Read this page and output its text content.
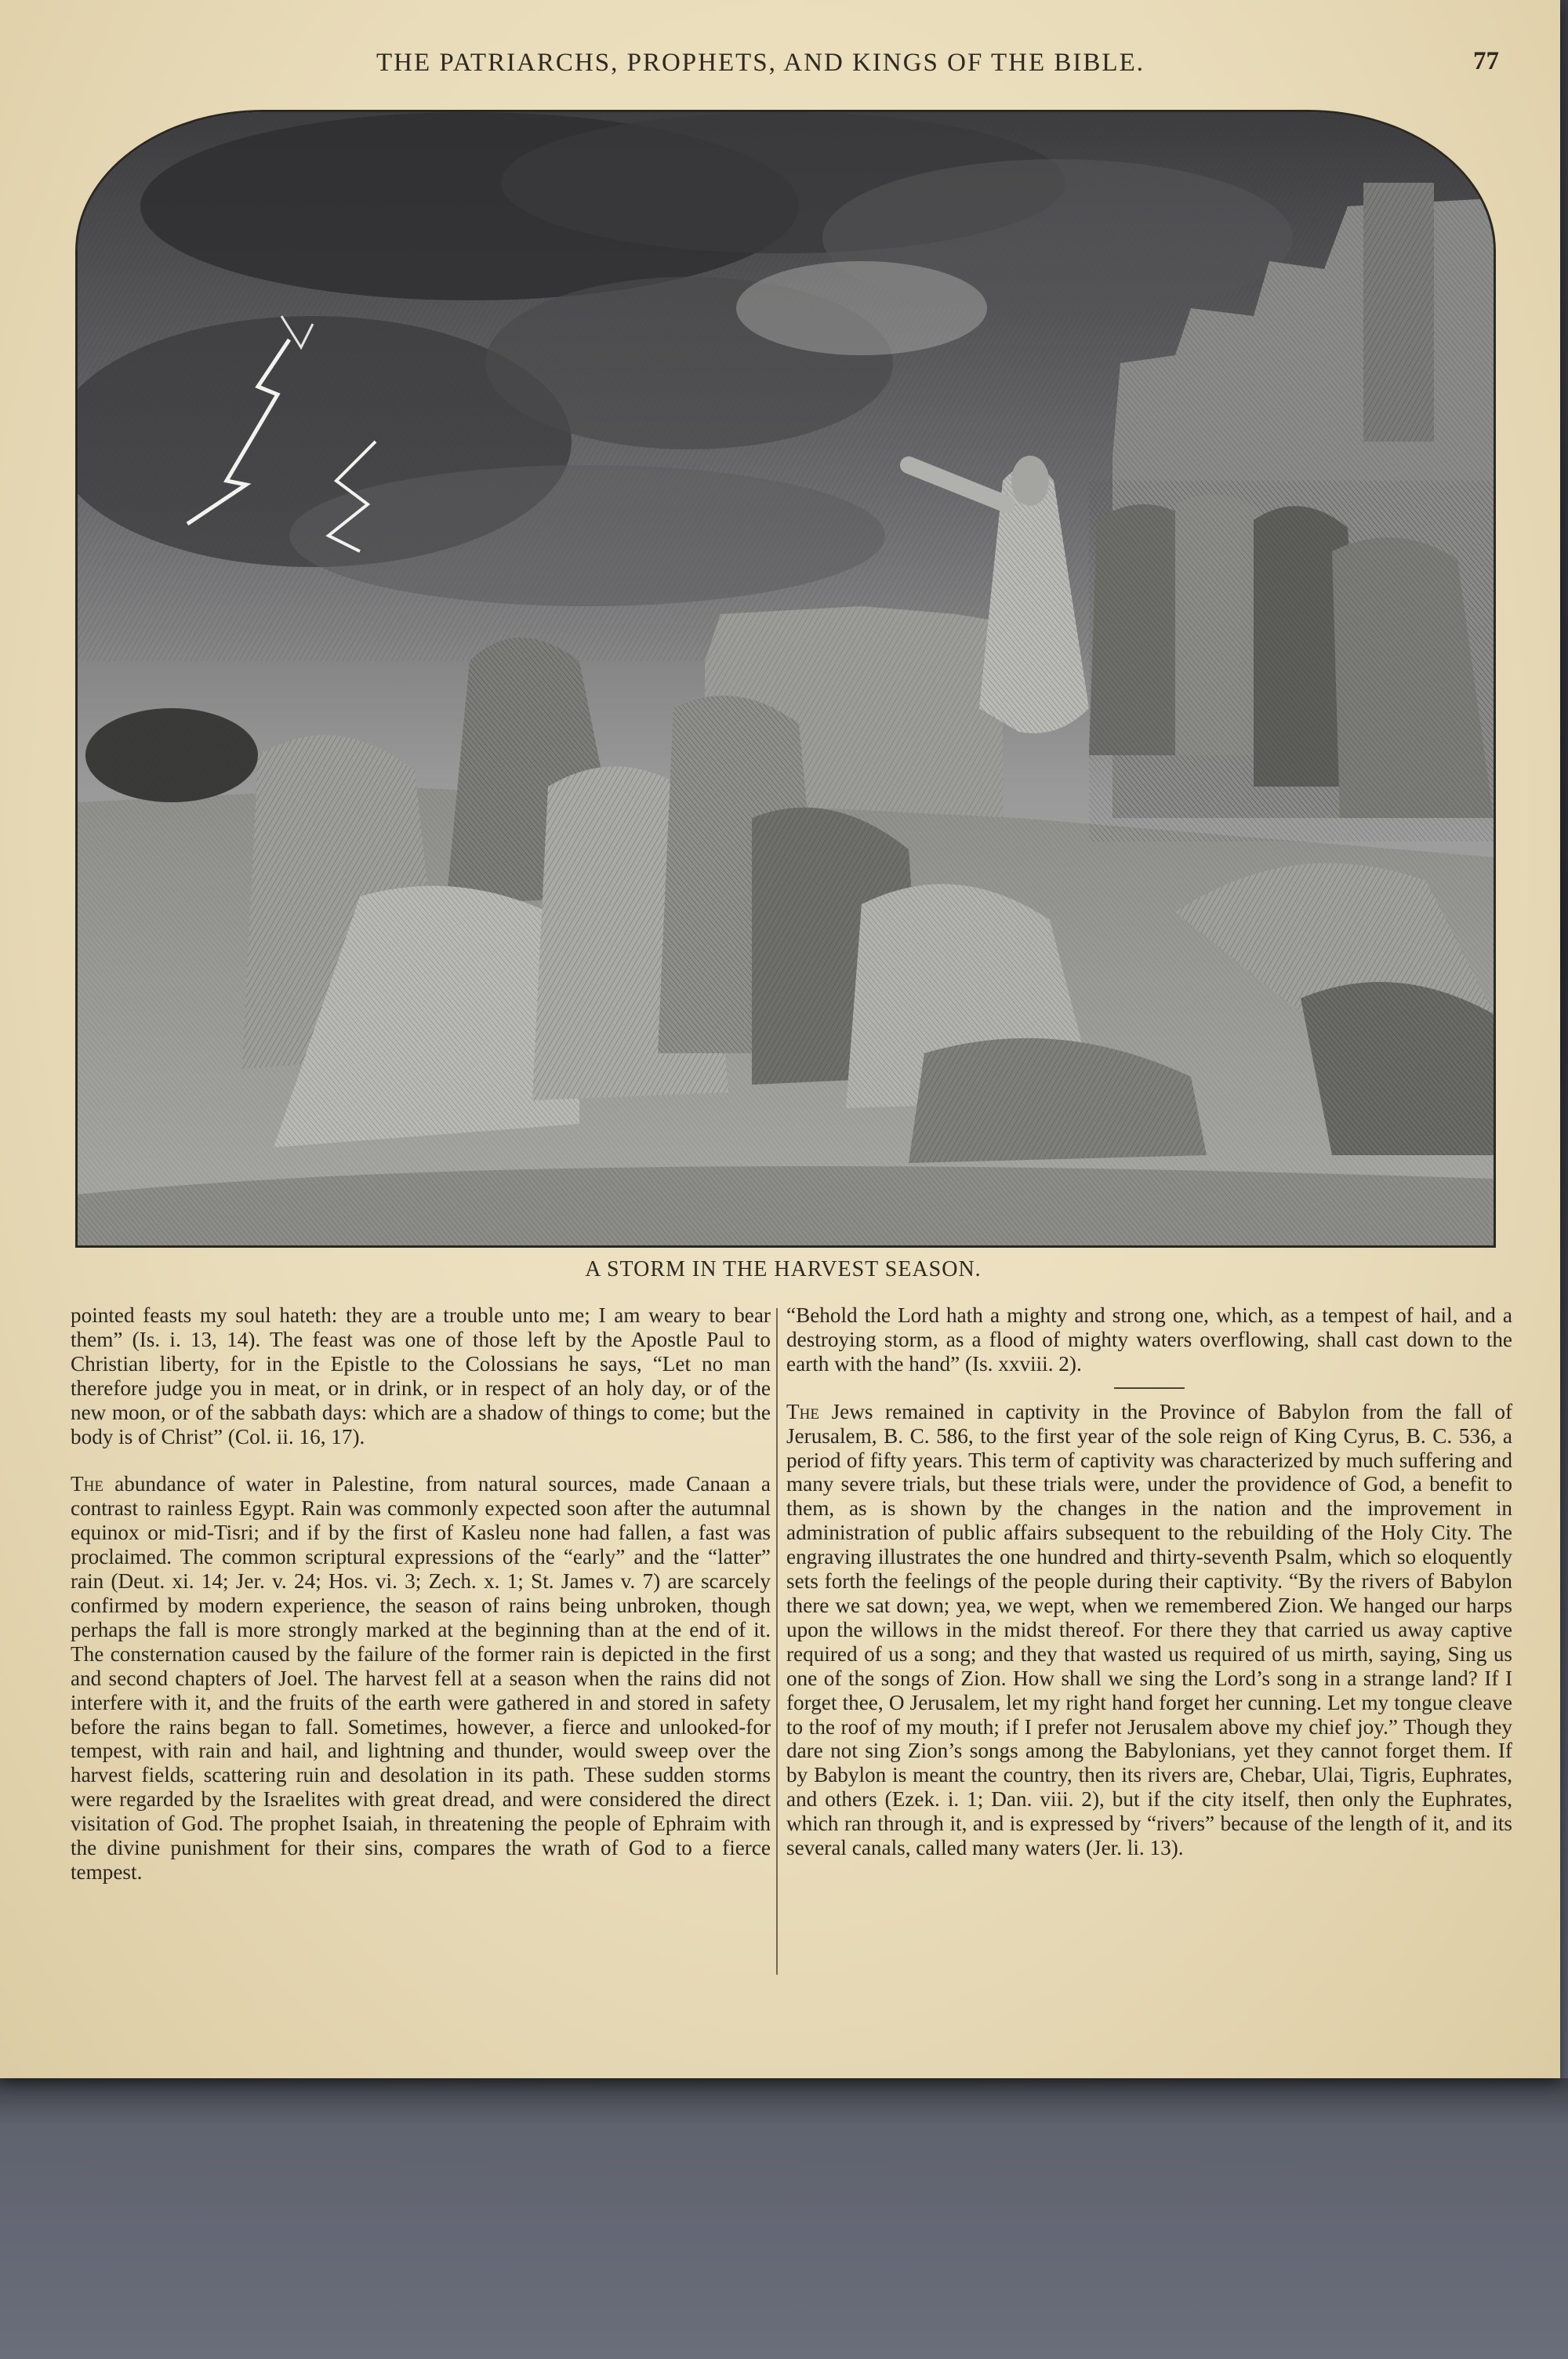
THE PATRIARCHS, PROPHETS, AND KINGS OF THE BIBLE.	77
A STORM IN THE HARVEST SEASON.

pointed feasts my soul hateth: they are a trouble unto me; I am weary to bear them” (Is. i. 13, 14). The feast was one of those left by the Apostle Paul to Christian liberty, for in the Epistle to the Colossians he says, “Let no man therefore judge you in meat, or in drink, or in respect of an holy day, or of the new moon, or of the sabbath days: which are a shadow of things to come; but the body is of Christ” (Col. ii. 16, 17).

The abundance of water in Palestine, from natural sources, made Canaan a contrast to rainless Egypt. Rain was commonly expected soon after the autumnal equinox or mid-Tisri; and if by the first of Kasleu none had fallen, a fast was proclaimed. The common scriptural expressions of the “early” and the “latter” rain (Deut. xi. 14; Jer. v. 24; Hos. vi. 3; Zech. x. 1; St. James v. 7) are scarcely confirmed by modern experience, the season of rains being unbroken, though perhaps the fall is more strongly marked at the beginning than at the end of it. The consternation caused by the failure of the former rain is depicted in the first and second chapters of Joel. The harvest fell at a season when the rains did not interfere with it, and the fruits of the earth were gathered in and stored in safety before the rains began to fall. Sometimes, however, a fierce and unlooked-for tempest, with rain and hail, and lightning and thunder, would sweep over the harvest fields, scattering ruin and desolation in its path. These sudden storms were regarded by the Israelites with great dread, and were considered the direct visitation of God. The prophet Isaiah, in threatening the people of Ephraim with the divine punishment for their sins, compares the wrath of God to a fierce tempest.

“Behold the Lord hath a mighty and strong one, which, as a tempest of hail, and a destroying storm, as a flood of mighty waters overflowing, shall cast down to the earth with the hand” (Is. xxviii. 2).

The Jews remained in captivity in the Province of Babylon from the fall of Jerusalem, B. C. 586, to the first year of the sole reign of King Cyrus, B. C. 536, a period of fifty years. This term of captivity was characterized by much suffering and many severe trials, but these trials were, under the providence of God, a benefit to them, as is shown by the changes in the nation and the improvement in administration of public affairs subsequent to the rebuilding of the Holy City. The engraving illustrates the one hundred and thirty-seventh Psalm, which so eloquently sets forth the feelings of the people during their captivity. “By the rivers of Babylon there we sat down; yea, we wept, when we remembered Zion. We hanged our harps upon the willows in the midst thereof. For there they that carried us away captive required of us a song; and they that wasted us required of us mirth, saying, Sing us one of the songs of Zion. How shall we sing the Lord’s song in a strange land? If I forget thee, O Jerusalem, let my right hand forget her cunning. Let my tongue cleave to the roof of my mouth; if I prefer not Jerusalem above my chief joy.” Though they dare not sing Zion’s songs among the Babylonians, yet they cannot forget them. If by Babylon is meant the country, then its rivers are, Chebar, Ulai, Tigris, Euphrates, and others (Ezek. i. 1; Dan. viii. 2), but if the city itself, then only the Euphrates, which ran through it, and is expressed by “rivers” because of the length of it, and its several canals, called many waters (Jer. li. 13).
